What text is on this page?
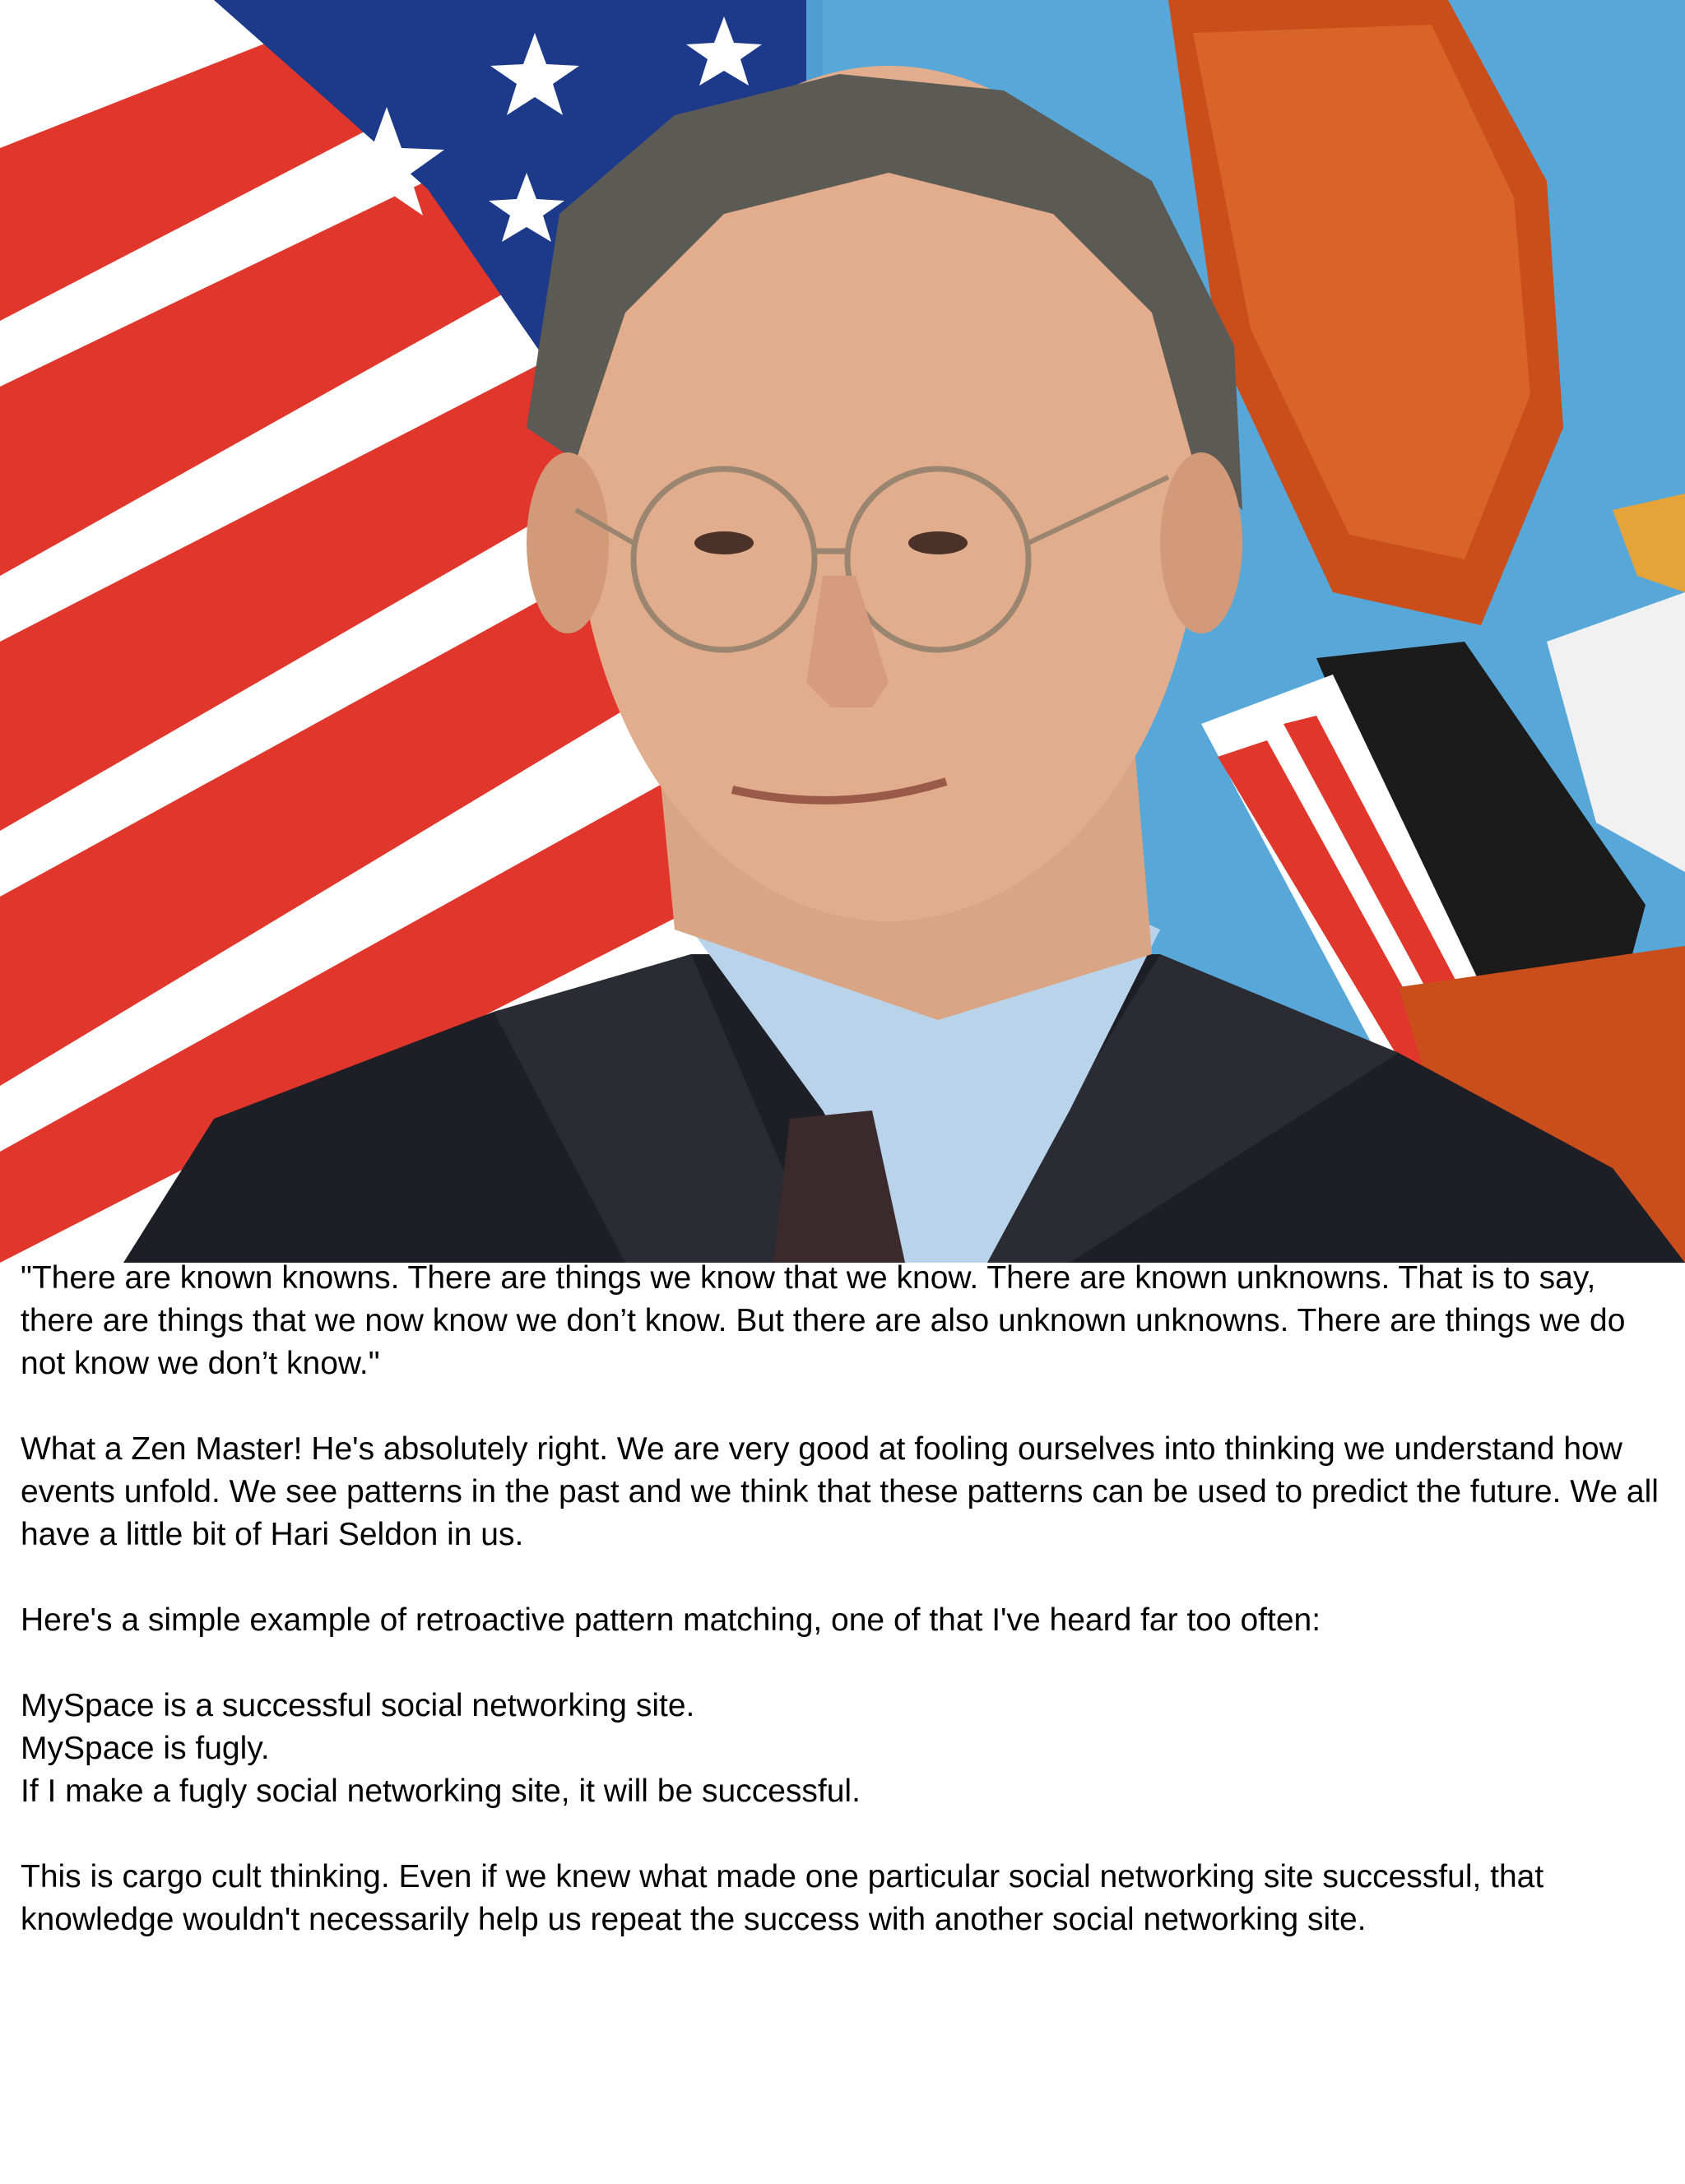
"There are known knowns. There are things we know that we know. There are known unknowns. That is to say, there are things that we now know we don’t know. But there are also unknown unknowns. There are things we do not know we don’t know."

What a Zen Master! He's absolutely right. We are very good at fooling ourselves into thinking we understand how events unfold. We see patterns in the past and we think that these patterns can be used to predict the future. We all have a little bit of Hari Seldon in us.

Here's a simple example of retroactive pattern matching, one of that I've heard far too often:

MySpace is a successful social networking site.
MySpace is fugly.
If I make a fugly social networking site, it will be successful.

This is cargo cult thinking. Even if we knew what made one particular social networking site successful, that knowledge wouldn't necessarily help us repeat the success with another social networking site.
